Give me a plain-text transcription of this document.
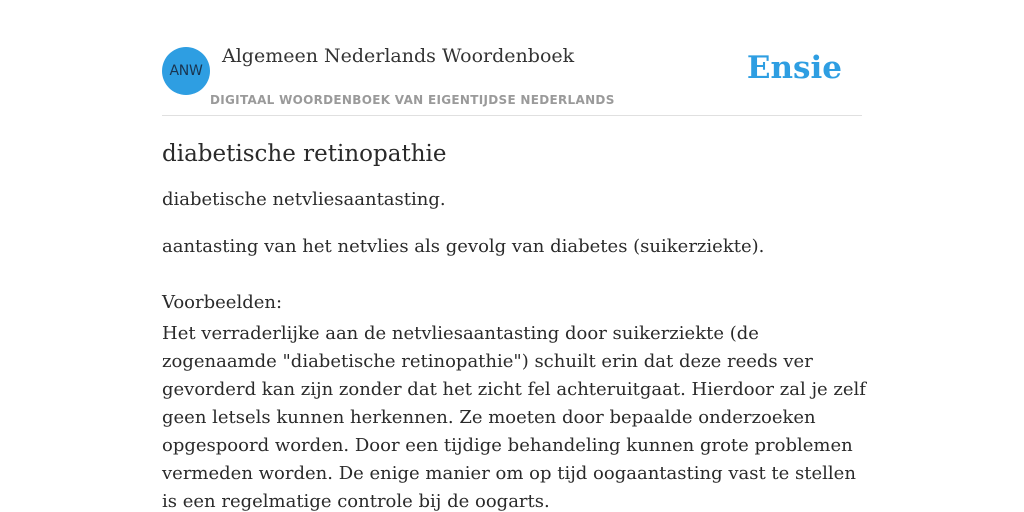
ANW
Algemeen Nederlands Woordenboek
DIGITAAL WOORDENBOEK VAN EIGENTIJDSE NEDERLANDS
Ensie
diabetische retinopathie

diabetische netvliesaantasting.

aantasting van het netvlies als gevolg van diabetes (suikerziekte).

Voorbeelden:

Het verraderlijke aan de netvliesaantasting door suikerziekte (de zogenaamde "diabetische retinopathie") schuilt erin dat deze reeds ver gevorderd kan zijn zonder dat het zicht fel achteruitgaat. Hierdoor zal je zelf geen letsels kunnen herkennen. Ze moeten door bepaalde onderzoeken opgespoord worden. Door een tijdige behandeling kunnen grote problemen vermeden worden. De enige manier om op tijd oogaantasting vast te stellen is een regelmatige controle bij de oogarts.
